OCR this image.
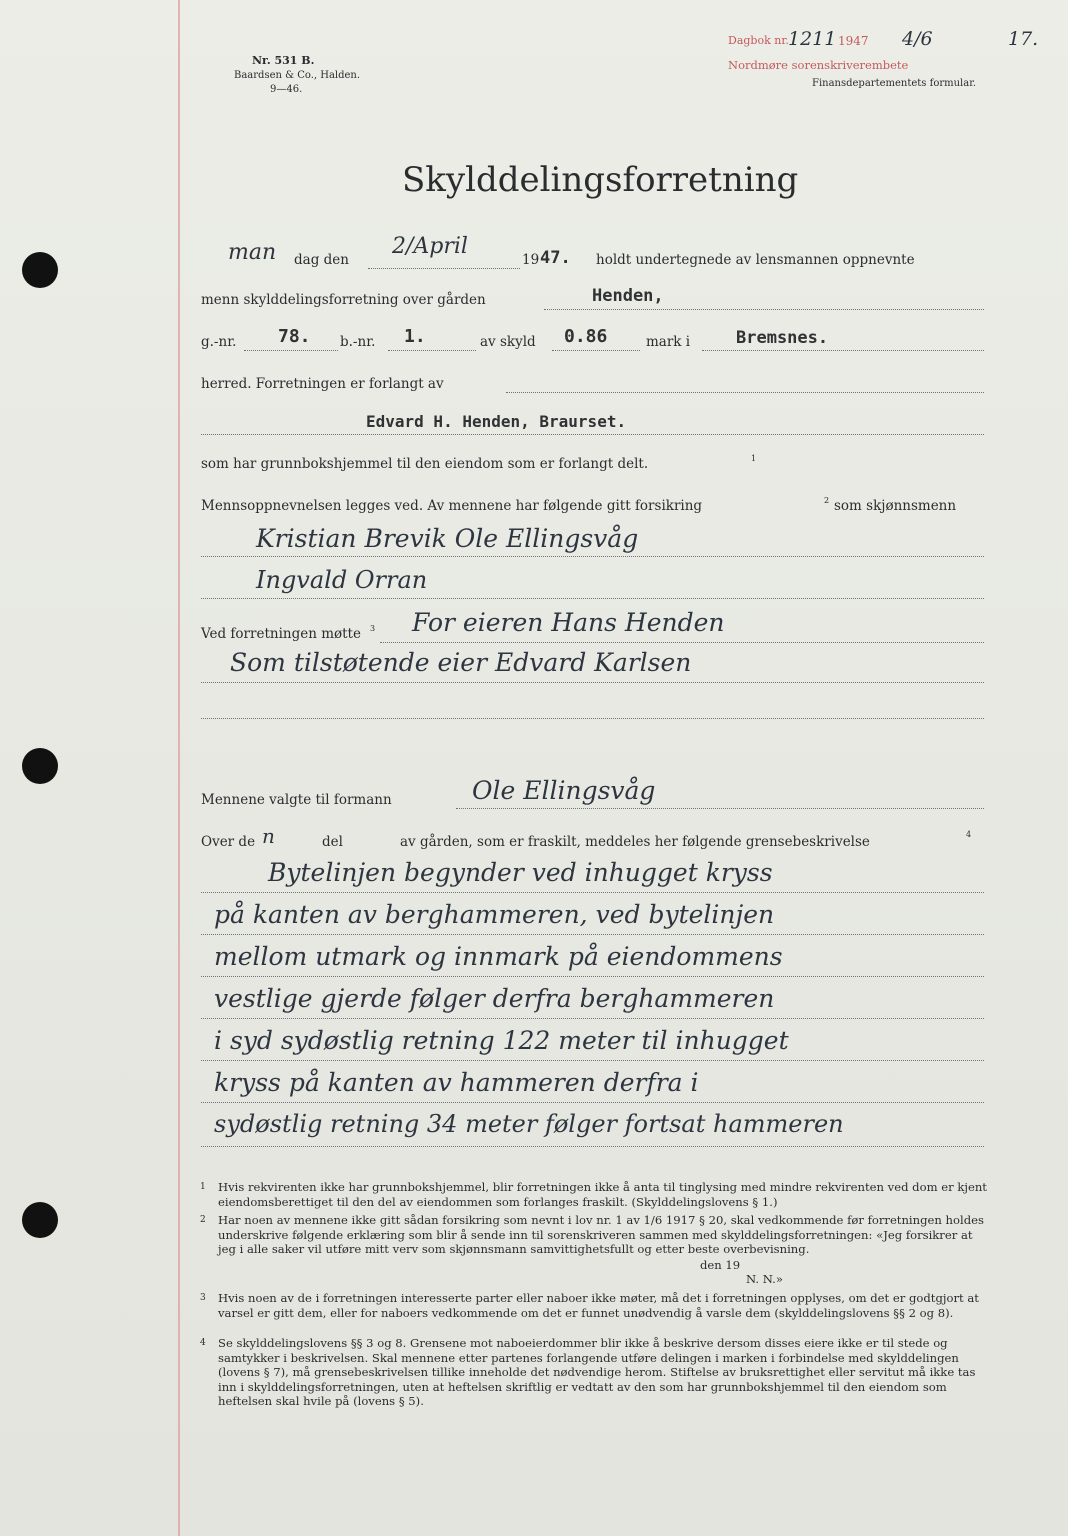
Nr. 531 B.
Baardsen & Co., Halden.
9—46.
Dagbok nr. 1211 1947 4/6	17.
Nordmøre sorenskriverembete
Finansdepartementets formular.
Skylddelingsforretning
man dag den
2/April
19 47. holdt undertegnede av lensmannen oppnevnte
menn skylddelingsforretning over gården	Henden,
g.-nr. 78. b.-nr. 1.	av skyld 0.86	mark i	Bremsnes.
herred. Forretningen er forlangt av
Edvard H. Henden, Braurset.
som har grunnbokshjemmel til den eiendom som er forlangt delt.	1
Mennsoppnevnelsen legges ved. Av mennene har følgende gitt forsikring	2 som skjønnsmenn
Kristian Brevik Ole Ellingsvåg
Ingvald Orran
Ved forretningen møtte 3 For eieren Hans Henden
Som tilstøtende eier Edvard Karlsen
Mennene valgte til formann	Ole Ellingsvåg
Over de n	del	av gården, som er fraskilt, meddeles her følgende grensebeskrivelse	4
Bytelinjen begynder ved inhugget kryss
på kanten av berghammeren, ved bytelinjen
mellom utmark og innmark på eiendommens
vestlige gjerde følger derfra berghammeren
i syd sydøstlig retning 122 meter til inhugget
kryss på kanten av hammeren derfra i
sydøstlig retning 34 meter følger fortsat hammeren
1 Hvis rekvirenten ikke har grunnbokshjemmel, blir forretningen ikke å anta til tinglysing med mindre rekvirenten ved dom er kjent eiendomsberettiget til den del av eiendommen som forlanges fraskilt. (Skylddelingslovens § 1.)
2 Har noen av mennene ikke gitt sådan forsikring som nevnt i lov nr. 1 av 1/6 1917 § 20, skal vedkommende før forretningen holdes underskrive følgende erklæring som blir å sende inn til sorenskriveren sammen med skylddelingsforretningen: «Jeg forsikrer at jeg i alle saker vil utføre mitt verv som skjønnsmann samvittighetsfullt og etter beste overbevisning.
den 19
N. N.»
3 Hvis noen av de i forretningen interesserte parter eller naboer ikke møter, må det i forretningen opplyses, om det er godtgjort at varsel er gitt dem, eller for naboers vedkommende om det er funnet unødvendig å varsle dem (skylddelingslovens §§ 2 og 8).
4 Se skylddelingslovens §§ 3 og 8. Grensene mot naboeierdommer blir ikke å beskrive dersom disses eiere ikke er til stede og samtykker i beskrivelsen. Skal mennene etter partenes forlangende utføre delingen i marken i forbindelse med skylddelingen (lovens § 7), må grensebeskrivelsen tillike inneholde det nødvendige herom. Stiftelse av bruksrettighet eller servitut må ikke tas inn i skylddelingsforretningen, uten at heftelsen skriftlig er vedtatt av den som har grunnbokshjemmel til den eiendom som heftelsen skal hvile på (lovens § 5).
